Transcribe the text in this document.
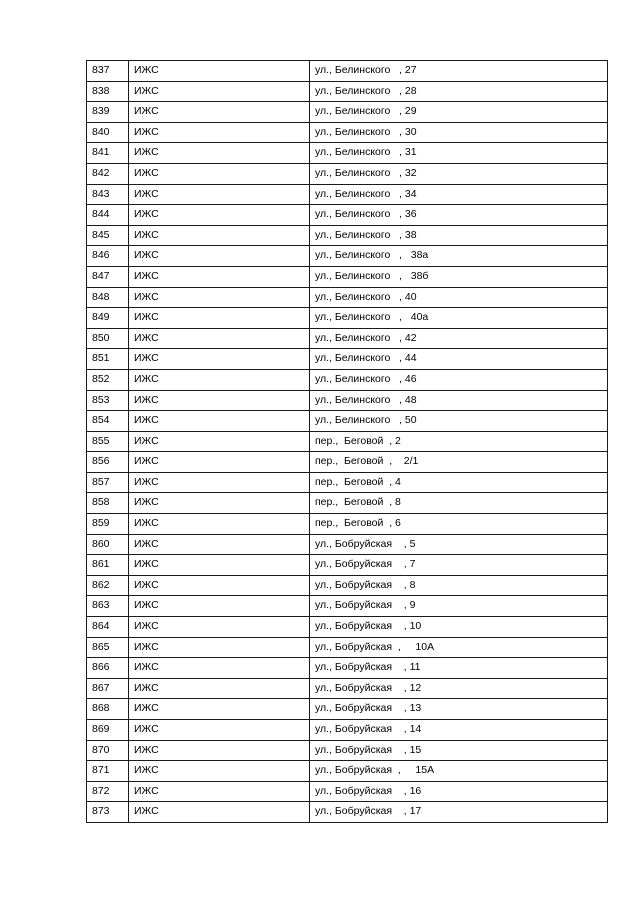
837	ИЖС	ул., Белинского   , 27
838	ИЖС	ул., Белинского   , 28
839	ИЖС	ул., Белинского   , 29
840	ИЖС	ул., Белинского   , 30
841	ИЖС	ул., Белинского   , 31
842	ИЖС	ул., Белинского   , 32
843	ИЖС	ул., Белинского   , 34
844	ИЖС	ул., Белинского   , 36
845	ИЖС	ул., Белинского   , 38
846	ИЖС	ул., Белинского   ,   38а
847	ИЖС	ул., Белинского   ,   38б
848	ИЖС	ул., Белинского   , 40
849	ИЖС	ул., Белинского   ,   40а
850	ИЖС	ул., Белинского   , 42
851	ИЖС	ул., Белинского   , 44
852	ИЖС	ул., Белинского   , 46
853	ИЖС	ул., Белинского   , 48
854	ИЖС	ул., Белинского   , 50
855	ИЖС	пер.,  Беговой  , 2
856	ИЖС	пер.,  Беговой  ,    2/1
857	ИЖС	пер.,  Беговой  , 4
858	ИЖС	пер.,  Беговой  , 8
859	ИЖС	пер.,  Беговой  , 6
860	ИЖС	ул., Бобруйская    , 5
861	ИЖС	ул., Бобруйская    , 7
862	ИЖС	ул., Бобруйская    , 8
863	ИЖС	ул., Бобруйская    , 9
864	ИЖС	ул., Бобруйская    , 10
865	ИЖС	ул., Бобруйская  ,     10А
866	ИЖС	ул., Бобруйская    , 11
867	ИЖС	ул., Бобруйская    , 12
868	ИЖС	ул., Бобруйская    , 13
869	ИЖС	ул., Бобруйская    , 14
870	ИЖС	ул., Бобруйская    , 15
871	ИЖС	ул., Бобруйская  ,     15А
872	ИЖС	ул., Бобруйская    , 16
873	ИЖС	ул., Бобруйская    , 17
